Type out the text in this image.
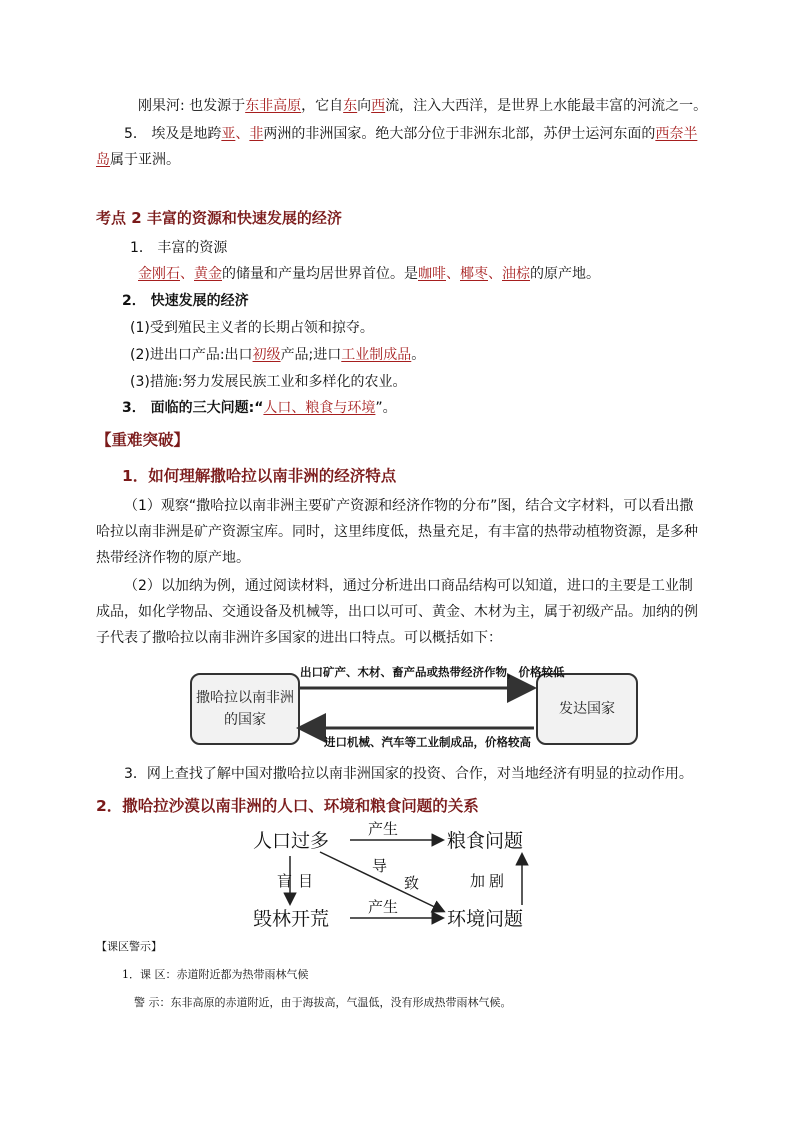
刚果河: 也发源于东非高原，它自东向西流，注入大西洋，是世界上水能最丰富的河流之一。
5． 埃及是地跨亚、非两洲的非洲国家。绝大部分位于非洲东北部，苏伊士运河东面的西奈半
岛属于亚洲。
考点 2 丰富的资源和快速发展的经济
1． 丰富的资源
金刚石、黄金的储量和产量均居世界首位。是咖啡、椰枣、油棕的原产地。
2． 快速发展的经济
(1)受到殖民主义者的长期占领和掠夺。
(2)进出口产品:出口初级产品;进口工业制成品。
(3)措施:努力发展民族工业和多样化的农业。
3． 面临的三大问题:“人口、粮食与环境”。
【重难突破】
1．如何理解撒哈拉以南非洲的经济特点
（1）观察“撒哈拉以南非洲主要矿产资源和经济作物的分布”图，结合文字材料，可以看出撒
哈拉以南非洲是矿产资源宝库。同时，这里纬度低，热量充足，有丰富的热带动植物资源，是多种
热带经济作物的原产地。
（2）以加纳为例，通过阅读材料，通过分析进出口商品结构可以知道，进口的主要是工业制
成品，如化学物品、交通设备及机械等，出口以可可、黄金、木材为主，属于初级产品。加纳的例
子代表了撒哈拉以南非洲许多国家的进出口特点。可以概括如下：
撒哈拉以南非洲
的国家
发达国家
出口矿产、木材、畜产品或热带经济作物，价格较低
进口机械、汽车等工业制成品，价格较高
3．网上查找了解中国对撒哈拉以南非洲国家的投资、合作，对当地经济有明显的拉动作用。
2．撒哈拉沙漠以南非洲的人口、环境和粮食问题的关系
人口过多	粮食问题
毁林开荒	环境问题
产生
产生
盲目
导
致	加剧
【课区警示】
1．课 区：赤道附近都为热带雨林气候
警 示：东非高原的赤道附近，由于海拔高，气温低，没有形成热带雨林气候。
